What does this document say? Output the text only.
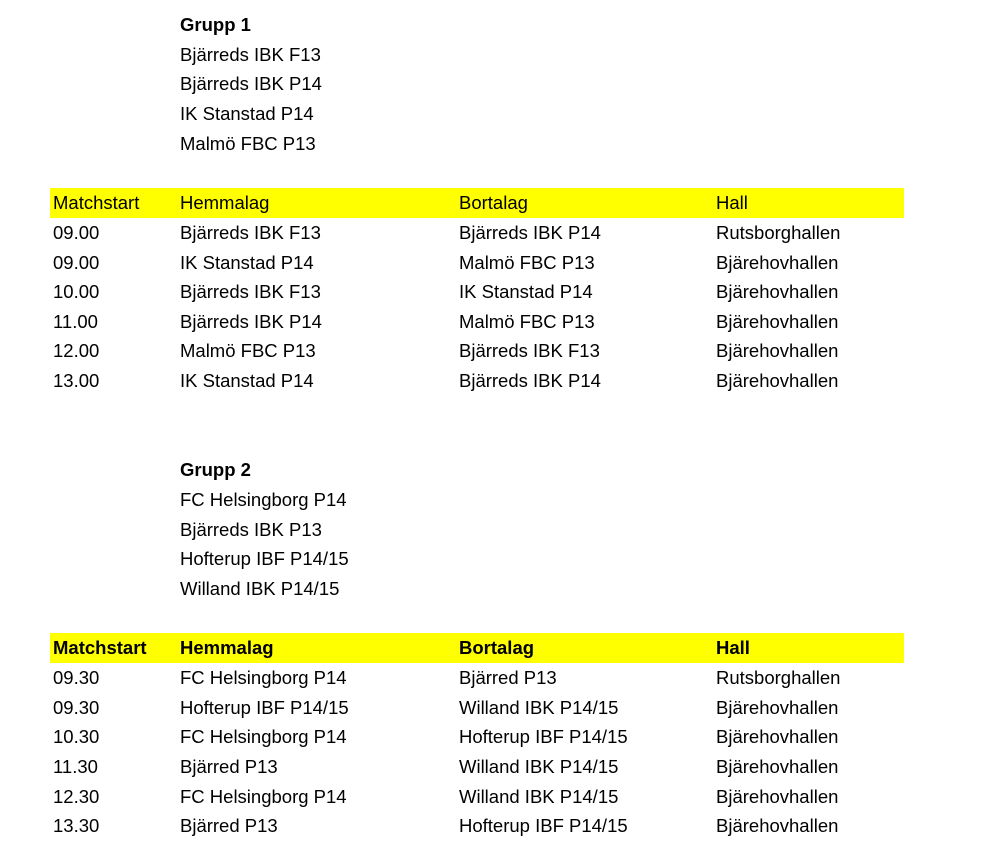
Grupp 1
Bjärreds IBK F13
Bjärreds IBK P14
IK Stanstad P14
Malmö FBC P13
Matchstart Hemmalag	Bortalag	Hall
09.00	Bjärreds IBK F13	Bjärreds IBK P14	Rutsborghallen
09.00	IK Stanstad P14	Malmö FBC P13	Bjärehovhallen
10.00	Bjärreds IBK F13	IK Stanstad P14	Bjärehovhallen
11.00	Bjärreds IBK P14	Malmö FBC P13	Bjärehovhallen
12.00	Malmö FBC P13	Bjärreds IBK F13	Bjärehovhallen
13.00	IK Stanstad P14	Bjärreds IBK P14	Bjärehovhallen
Grupp 2
FC Helsingborg P14
Bjärreds IBK P13
Hofterup IBF P14/15
Willand IBK P14/15
Matchstart Hemmalag	Bortalag	Hall
09.30	FC Helsingborg P14	Bjärred P13	Rutsborghallen
09.30	Hofterup IBF P14/15	Willand IBK P14/15	Bjärehovhallen
10.30	FC Helsingborg P14	Hofterup IBF P14/15	Bjärehovhallen
11.30	Bjärred P13	Willand IBK P14/15	Bjärehovhallen
12.30	FC Helsingborg P14	Willand IBK P14/15	Bjärehovhallen
13.30	Bjärred P13	Hofterup IBF P14/15	Bjärehovhallen
